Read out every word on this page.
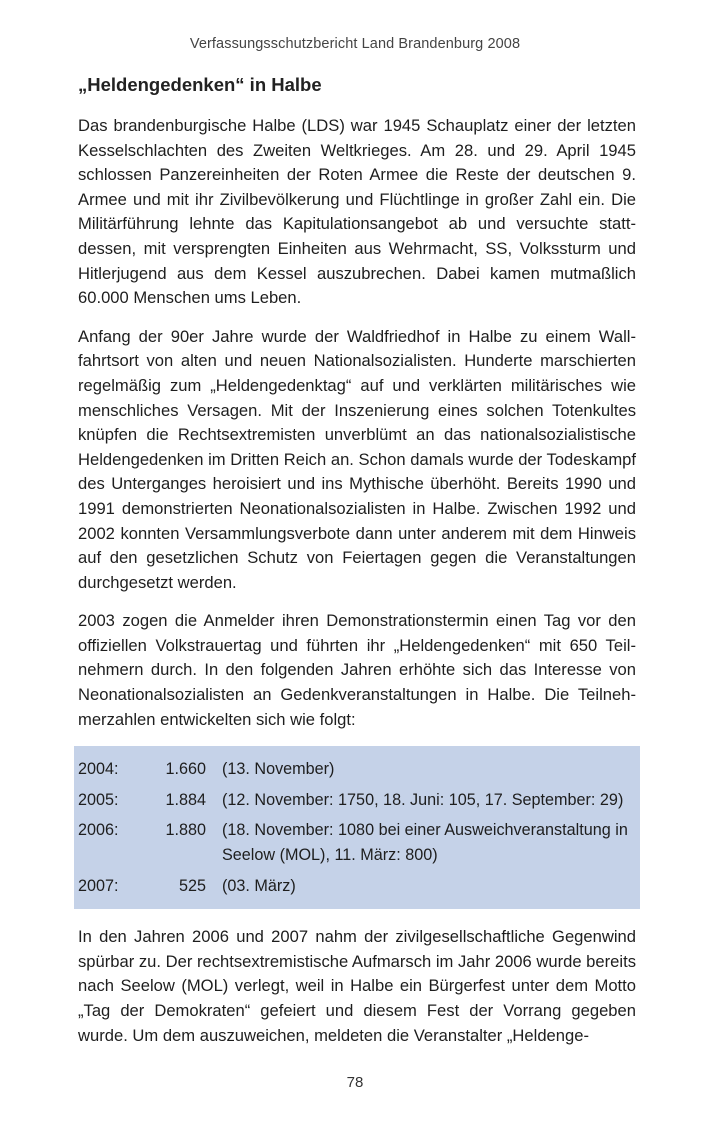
Verfassungsschutzbericht Land Brandenburg 2008
„Heldengedenken“ in Halbe

Das brandenburgische Halbe (LDS) war 1945 Schauplatz einer der letzten Kesselschlachten des Zweiten Weltkrieges. Am 28. und 29. April 1945 schlossen Panzereinheiten der Roten Armee die Reste der deutschen 9. Armee und mit ihr Zivilbevölkerung und Flüchtlinge in großer Zahl ein. Die Militärführung lehnte das Kapitulationsangebot ab und versuchte stattdessen, mit versprengten Einheiten aus Wehrmacht, SS, Volkssturm und Hitlerjugend aus dem Kessel auszubrechen. Dabei kamen mutmaßlich 60.000 Menschen ums Leben.

Anfang der 90er Jahre wurde der Waldfriedhof in Halbe zu einem Wallfahrtsort von alten und neuen Nationalsozialisten. Hunderte marschierten regelmäßig zum „Heldengedenktag“ auf und verklärten militärisches wie menschliches Versagen. Mit der Inszenierung eines solchen Totenkultes knüpfen die Rechtsextremisten unverblümt an das nationalsozialistische Heldengedenken im Dritten Reich an. Schon damals wurde der Todeskampf des Unterganges heroisiert und ins Mythische überhöht. Bereits 1990 und 1991 demonstrierten Neonationalsozialisten in Halbe. Zwischen 1992 und 2002 konnten Versammlungsverbote dann unter anderem mit dem Hinweis auf den gesetzlichen Schutz von Feiertagen gegen die Veranstaltungen durchgesetzt werden.

2003 zogen die Anmelder ihren Demonstrationstermin einen Tag vor den offiziellen Volkstrauertag und führten ihr „Heldengedenken“ mit 650 Teilnehmern durch. In den folgenden Jahren erhöhte sich das Interesse von Neonationalsozialisten an Gedenkveranstaltungen in Halbe. Die Teilnehmerzahlen entwickelten sich wie folgt:

2004:	1.660 (13. November)
2005:	1.884 (12. November: 1750, 18. Juni: 105, 17. September: 29)
2006:	1.880 (18. November: 1080 bei einer Ausweichveranstaltung in Seelow (MOL), 11. März: 800)
2007:	525 (03. März)

In den Jahren 2006 und 2007 nahm der zivilgesellschaftliche Gegenwind spürbar zu. Der rechtsextremistische Aufmarsch im Jahr 2006 wurde bereits nach Seelow (MOL) verlegt, weil in Halbe ein Bürgerfest unter dem Motto „Tag der Demokraten“ gefeiert und diesem Fest der Vorrang gegeben wurde. Um dem auszuweichen, meldeten die Veranstalter „Heldenge-

78
